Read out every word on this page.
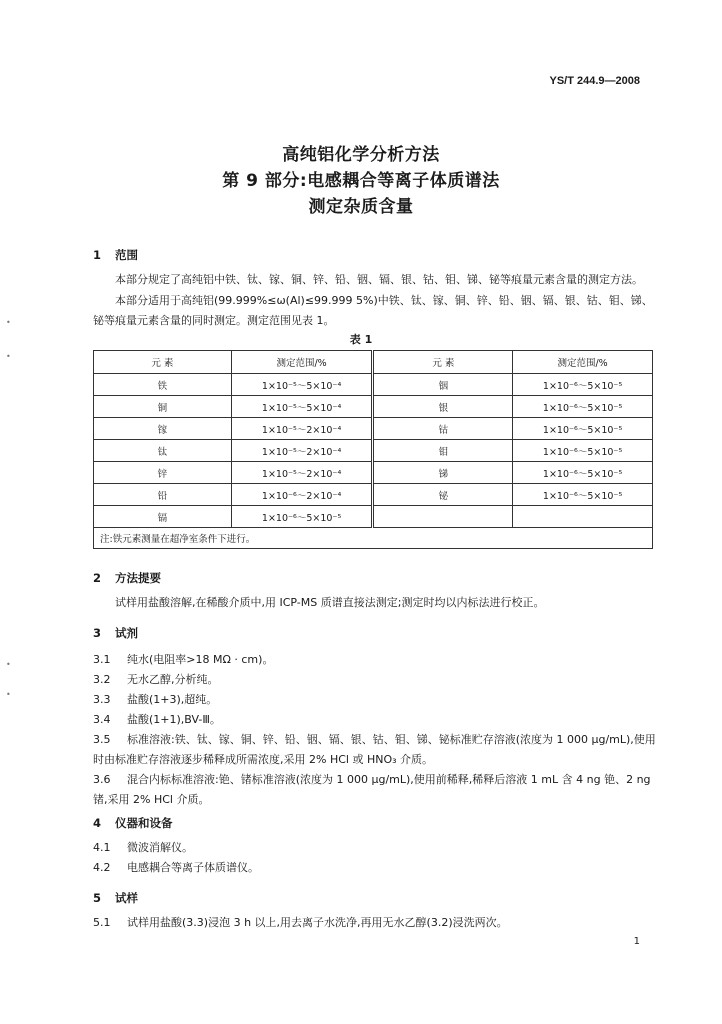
YS/T 244.9—2008
高纯铝化学分析方法
第 9 部分:电感耦合等离子体质谱法
测定杂质含量
1 范围
本部分规定了高纯铝中铁、钛、镓、铜、锌、铅、铟、镉、银、钴、钼、锑、铋等痕量元素含量的测定方法。
本部分适用于高纯铝(99.999%≤ω(Al)≤99.999 5%)中铁、钛、镓、铜、锌、铅、铟、镉、银、钴、钼、锑、铋等痕量元素含量的同时测定。测定范围见表 1。
表 1
元 素	测定范围/%	元 素	测定范围/%
铁	1×10⁻⁵～5×10⁻⁴	铟	1×10⁻⁶～5×10⁻⁵
铜	1×10⁻⁵～5×10⁻⁴	银	1×10⁻⁶～5×10⁻⁵
镓	1×10⁻⁵～2×10⁻⁴	钴	1×10⁻⁶～5×10⁻⁵
钛	1×10⁻⁵～2×10⁻⁴	钼	1×10⁻⁶～5×10⁻⁵
锌	1×10⁻⁵～2×10⁻⁴	锑	1×10⁻⁶～5×10⁻⁵
铅	1×10⁻⁶～2×10⁻⁴	铋	1×10⁻⁶～5×10⁻⁵
镉	1×10⁻⁶～5×10⁻⁵		
注:铁元素测量在超净室条件下进行。			
2 方法提要
试样用盐酸溶解,在稀酸介质中,用 ICP-MS 质谱直接法测定;测定时均以内标法进行校正。
3 试剂
3.1 纯水(电阻率>18 MΩ · cm)。
3.2 无水乙醇,分析纯。
3.3 盐酸(1+3),超纯。
3.4 盐酸(1+1),BV-Ⅲ。
3.5 标准溶液:铁、钛、镓、铜、锌、铅、铟、镉、银、钴、钼、锑、铋标准贮存溶液(浓度为 1 000 μg/mL),使用时由标准贮存溶液逐步稀释成所需浓度,采用 2% HCl 或 HNO₃ 介质。
3.6 混合内标标准溶液:铯、锗标准溶液(浓度为 1 000 μg/mL),使用前稀释,稀释后溶液 1 mL 含 4 ng 铯、2 ng 锗,采用 2% HCl 介质。
4 仪器和设备
4.1 微波消解仪。
4.2 电感耦合等离子体质谱仪。
5 试样
5.1 试样用盐酸(3.3)浸泡 3 h 以上,用去离子水洗净,再用无水乙醇(3.2)浸洗两次。
1
•
•
•
•
